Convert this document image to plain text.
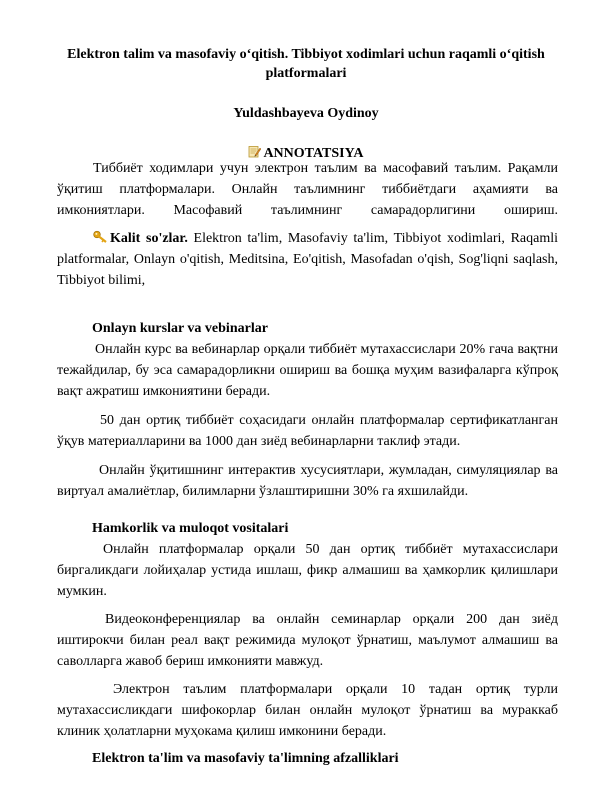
Elektron talim va masofaviy o‘qitish. Tibbiyot xodimlari uchun raqamli o‘qitish
platformalari
Yuldashbayeva Oydinoy
ANNOTATSIYA
Тиббиёт ходимлари учун электрон таълим ва масофавий таълим. Рақамли
ўқитиш платформалари. Онлайн таълимнинг тиббиётдаги аҳамияти ва
имкониятлари. Масофавий таълимнинг самарадорлигини ошириш.
Kalit so'zlar. Elektron ta'lim, Masofaviy ta'lim, Tibbiyot xodimlari, Raqamli
platformalar, Onlayn o'qitish, Meditsina, Eo'qitish, Masofadan o'qish, Sog'liqni saqlash,
Tibbiyot bilimi,
Onlayn kurslar va vebinarlar
Онлайн курс ва вебинарлар орқали тиббиёт мутахассислари 20% гача вақтни
тежайдилар, бу эса самарадорликни ошириш ва бошқа муҳим вазифаларга кўпроқ
вақт ажратиш имкониятини беради.
50 дан ортиқ тиббиёт соҳасидаги онлайн платформалар сертификатланган
ўқув материалларини ва 1000 дан зиёд вебинарларни таклиф этади.
Онлайн ўқитишнинг интерактив хусусиятлари, жумладан, симуляциялар ва
виртуал амалиётлар, билимларни ўзлаштиришни 30% га яхшилайди.
Hamkorlik va muloqot vositalari
Онлайн платформалар орқали 50 дан ортиқ тиббиёт мутахассислари
биргаликдаги лойиҳалар устида ишлаш, фикр алмашиш ва ҳамкорлик қилишлари
мумкин.
Видеоконференциялар ва онлайн семинарлар орқали 200 дан зиёд
иштирокчи билан реал вақт режимида мулоқот ўрнатиш, маълумот алмашиш ва
саволларга жавоб бериш имконияти мавжуд.
Электрон таълим платформалари орқали 10 тадан ортиқ турли
мутахассисликдаги шифокорлар билан онлайн мулоқот ўрнатиш ва мураккаб
клиник ҳолатларни муҳокама қилиш имконини беради.
Elektron ta'lim va masofaviy ta'limning afzalliklari
